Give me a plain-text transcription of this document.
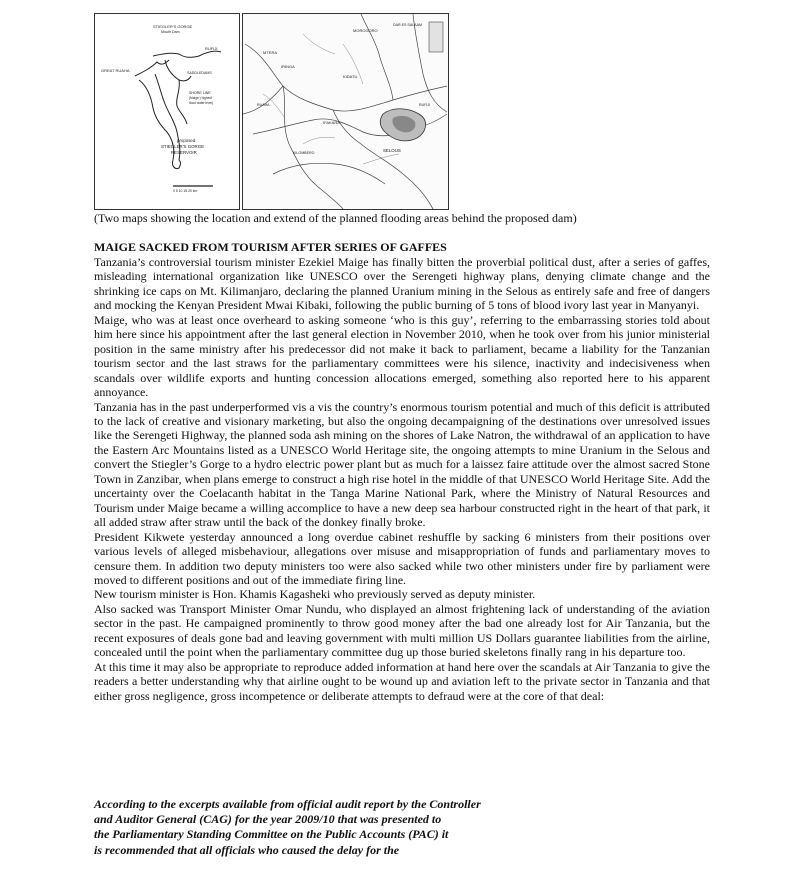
STIEGLER'S GORGE
Mouth Dam
GREAT RUAHA
RUFIJI
SADDLEDAMS
SHORE LINE
(Maige ) highest
flood water level)
proposed
STIEGLER'S GORGE
RESERVOIR
0 5 10 15 20 km
MOROGORO
DAR ES SALAAM
IRINGA
MTERA
KIDATU
IFAKARA
SELOUS
KILOMBERO
RUAHA	RUFIJI
(Two maps showing the location and extend of the planned flooding areas behind the proposed dam)

MAIGE SACKED FROM TOURISM AFTER SERIES OF GAFFES

Tanzania’s controversial tourism minister Ezekiel Maige has finally bitten the proverbial political dust, after a series of gaffes, misleading international organization like UNESCO over the Serengeti highway plans, denying climate change and the shrinking ice caps on Mt. Kilimanjaro, declaring the planned Uranium mining in the Selous as entirely safe and free of dangers and mocking the Kenyan President Mwai Kibaki, following the public burning of 5 tons of blood ivory last year in Manyanyi.

Maige, who was at least once overheard to asking someone ‘who is this guy’, referring to the embarrassing stories told about him here since his appointment after the last general election in November 2010, when he took over from his junior ministerial position in the same ministry after his predecessor did not make it back to parliament, became a liability for the Tanzanian tourism sector and the last straws for the parliamentary committees were his silence, inactivity and indecisiveness when scandals over wildlife exports and hunting concession allocations emerged, something also reported here to his apparent annoyance.

Tanzania has in the past underperformed vis a vis the country’s enormous tourism potential and much of this deficit is attributed to the lack of creative and visionary marketing, but also the ongoing decampaigning of the destinations over unresolved issues like the Serengeti Highway, the planned soda ash mining on the shores of Lake Natron, the withdrawal of an application to have the Eastern Arc Mountains listed as a UNESCO World Heritage site, the ongoing attempts to mine Uranium in the Selous and convert the Stiegler’s Gorge to a hydro electric power plant but as much for a laissez faire attitude over the almost sacred Stone Town in Zanzibar, when plans emerge to construct a high rise hotel in the middle of that UNESCO World Heritage Site. Add the uncertainty over the Coelacanth habitat in the Tanga Marine National Park, where the Ministry of Natural Resources and Tourism under Maige became a willing accomplice to have a new deep sea harbour constructed right in the heart of that park, it all added straw after straw until the back of the donkey finally broke.

President Kikwete yesterday announced a long overdue cabinet reshuffle by sacking 6 ministers from their positions over various levels of alleged misbehaviour, allegations over misuse and misappropriation of funds and parliamentary moves to censure them. In addition two deputy ministers too were also sacked while two other ministers under fire by parliament were moved to different positions and out of the immediate firing line.

New tourism minister is Hon. Khamis Kagasheki who previously served as deputy minister.

Also sacked was Transport Minister Omar Nundu, who displayed an almost frightening lack of understanding of the aviation sector in the past. He campaigned prominently to throw good money after the bad one already lost for Air Tanzania, but the recent exposures of deals gone bad and leaving government with multi million US Dollars guarantee liabilities from the airline, concealed until the point when the parliamentary committee dug up those buried skeletons finally rang in his departure too.

At this time it may also be appropriate to reproduce added information at hand here over the scandals at Air Tanzania to give the readers a better understanding why that airline ought to be wound up and aviation left to the private sector in Tanzania and that either gross negligence, gross incompetence or deliberate attempts to defraud were at the core of that deal:

According to the excerpts available from official audit report by the Controller
and Auditor General (CAG) for the year 2009/10 that was presented to
the Parliamentary Standing Committee on the Public Accounts (PAC) it
is recommended that all officials who caused the delay for the
